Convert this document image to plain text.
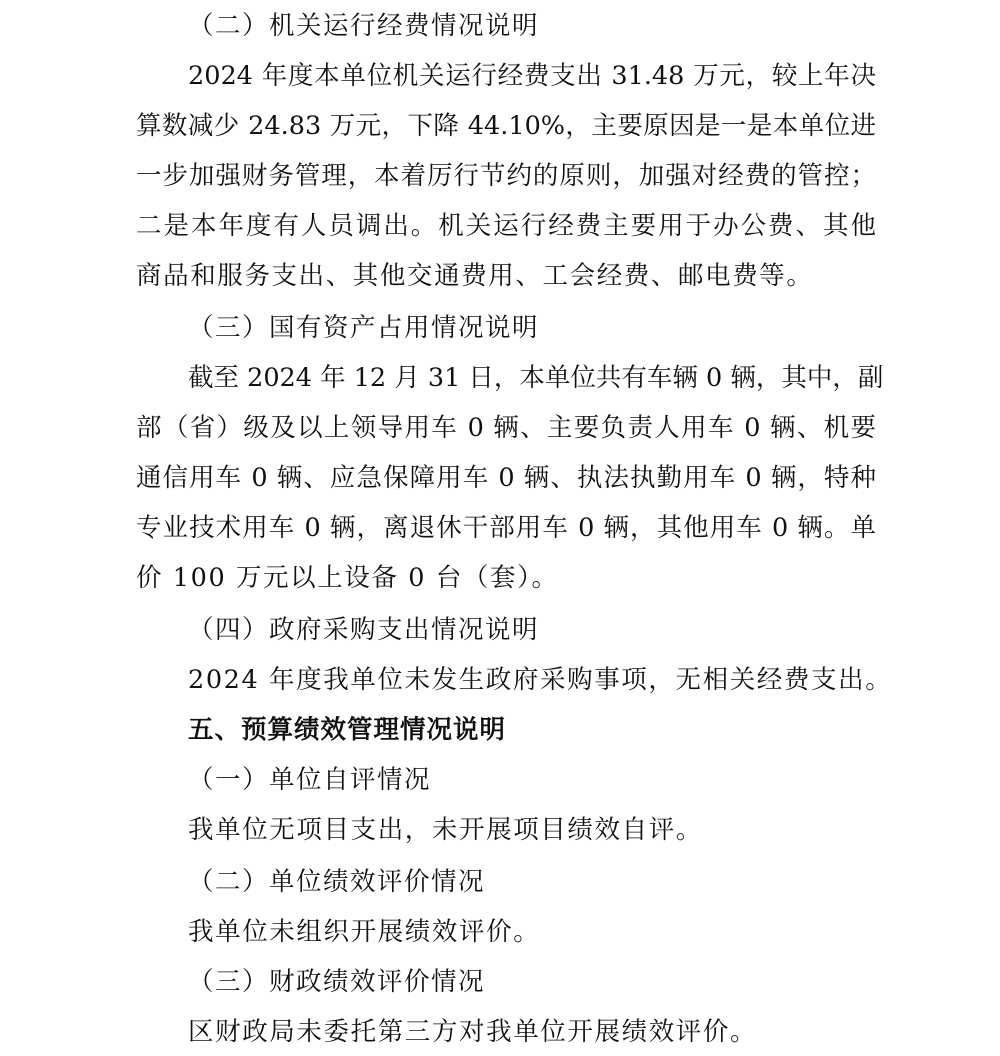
（二）机关运行经费情况说明
2024 年度本单位机关运行经费支出 31.48 万元，较上年决
算数减少 24.83 万元，下降 44.10%，主要原因是一是本单位进
一步加强财务管理，本着厉行节约的原则，加强对经费的管控；
二是本年度有人员调出。机关运行经费主要用于办公费、其他
商品和服务支出、其他交通费用、工会经费、邮电费等。
（三）国有资产占用情况说明
截至 2024 年 12 月 31 日，本单位共有车辆 0 辆，其中，副
部（省）级及以上领导用车 0 辆、主要负责人用车 0 辆、机要
通信用车 0 辆、应急保障用车 0 辆、执法执勤用车 0 辆，特种
专业技术用车 0 辆，离退休干部用车 0 辆，其他用车 0 辆。单
价 100 万元以上设备 0 台（套）。
（四）政府采购支出情况说明
2024 年度我单位未发生政府采购事项，无相关经费支出。
五、预算绩效管理情况说明
（一）单位自评情况
我单位无项目支出，未开展项目绩效自评。
（二）单位绩效评价情况
我单位未组织开展绩效评价。
（三）财政绩效评价情况
区财政局未委托第三方对我单位开展绩效评价。
